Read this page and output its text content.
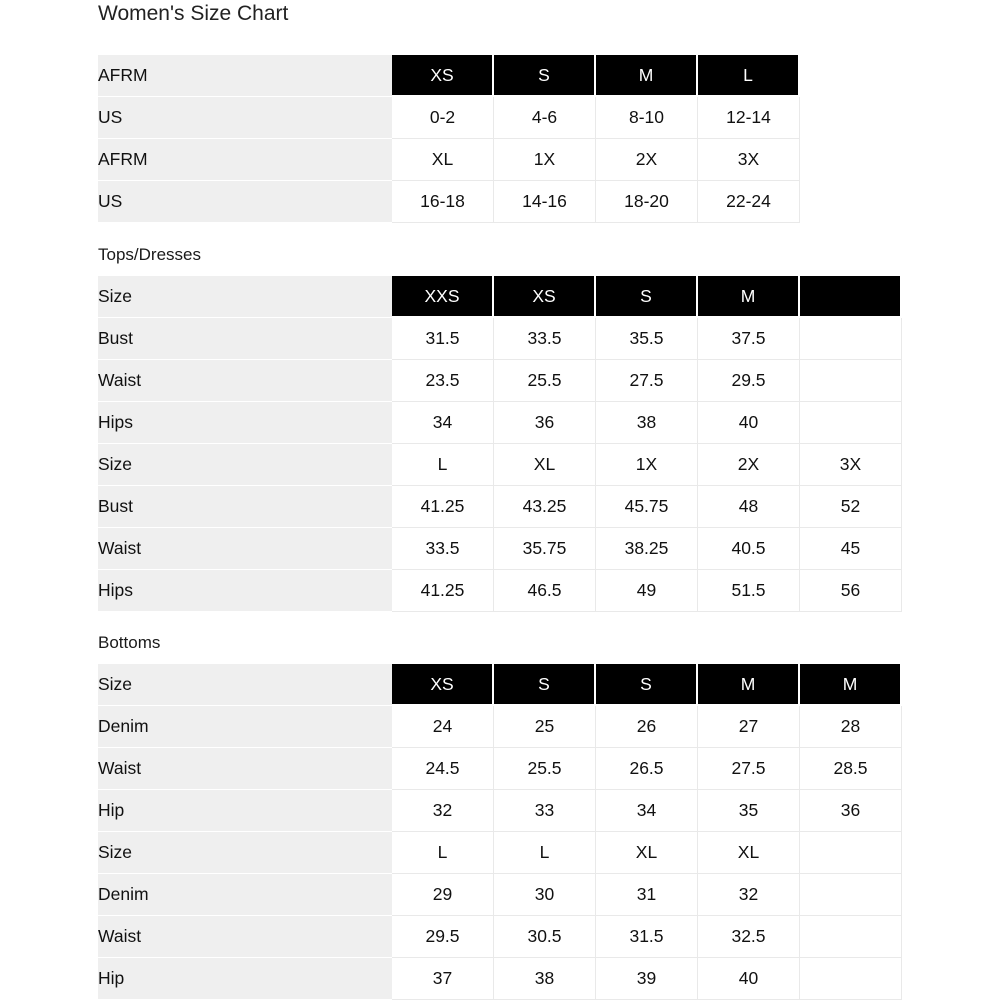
Women's Size Chart
AFRM	XS	S	M	L
US	0-2	4-6	8-10	12-14
AFRM	XL	1X	2X	3X
US	16-18	14-16	18-20	22-24
Tops/Dresses
Size	XXS	XS	S	M	
Bust	31.5	33.5	35.5	37.5	
Waist	23.5	25.5	27.5	29.5	
Hips	34	36	38	40	
Size	L	XL	1X	2X	3X
Bust	41.25	43.25	45.75	48	52
Waist	33.5	35.75	38.25	40.5	45
Hips	41.25	46.5	49	51.5	56
Bottoms
Size	XS	S	S	M	M
Denim	24	25	26	27	28
Waist	24.5	25.5	26.5	27.5	28.5
Hip	32	33	34	35	36
Size	L	L	XL	XL	
Denim	29	30	31	32	
Waist	29.5	30.5	31.5	32.5	
Hip	37	38	39	40	
